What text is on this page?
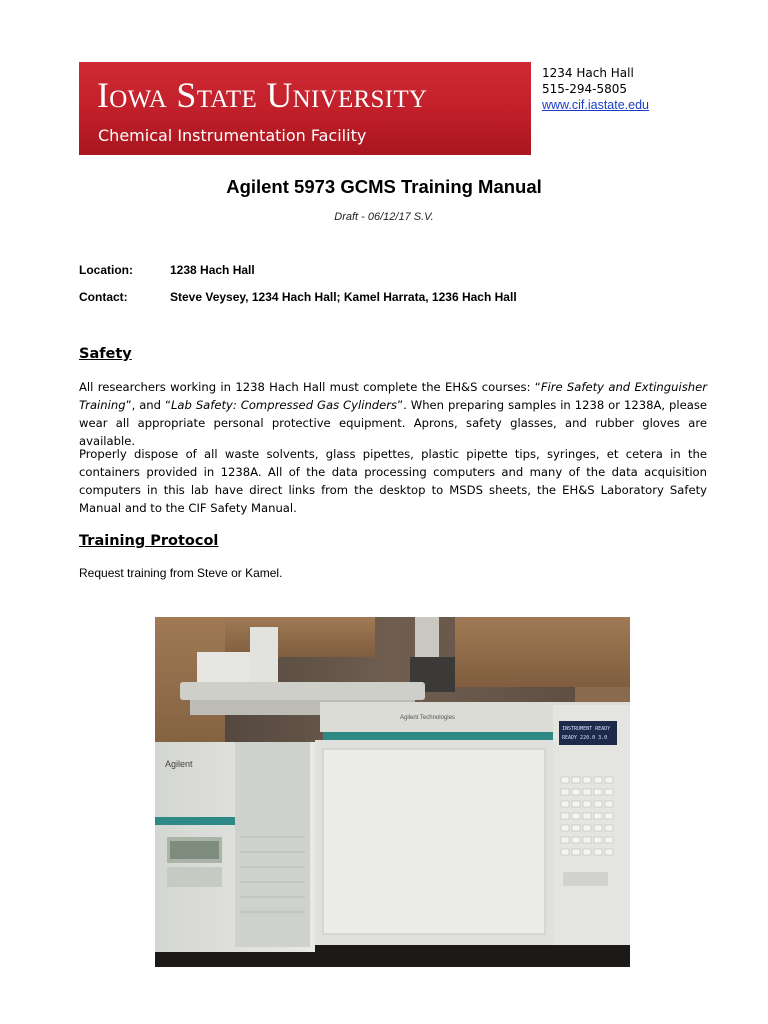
Iowa State University
Chemical Instrumentation Facility
1234 Hach Hall
515-294-5805
www.cif.iastate.edu
Agilent 5973 GCMS Training Manual
Draft - 06/12/17 S.V.
Location:	1238 Hach Hall
Contact:	Steve Veysey, 1234 Hach Hall; Kamel Harrata, 1236 Hach Hall
Safety
All researchers working in 1238 Hach Hall must complete the EH&S courses: “Fire Safety and Extinguisher Training”, and “Lab Safety: Compressed Gas Cylinders”. When preparing samples in 1238 or 1238A, please wear all appropriate personal protective equipment. Aprons, safety glasses, and rubber gloves are available.
Properly dispose of all waste solvents, glass pipettes, plastic pipette tips, syringes, et cetera in the containers provided in 1238A. All of the data processing computers and many of the data acquisition computers in this lab have direct links from the desktop to MSDS sheets, the EH&S Laboratory Safety Manual and to the CIF Safety Manual.
Training Protocol
Request training from Steve or Kamel.
Agilent
Agilent Technologies
INSTRUMENT READY
READY 220.0 3.0
